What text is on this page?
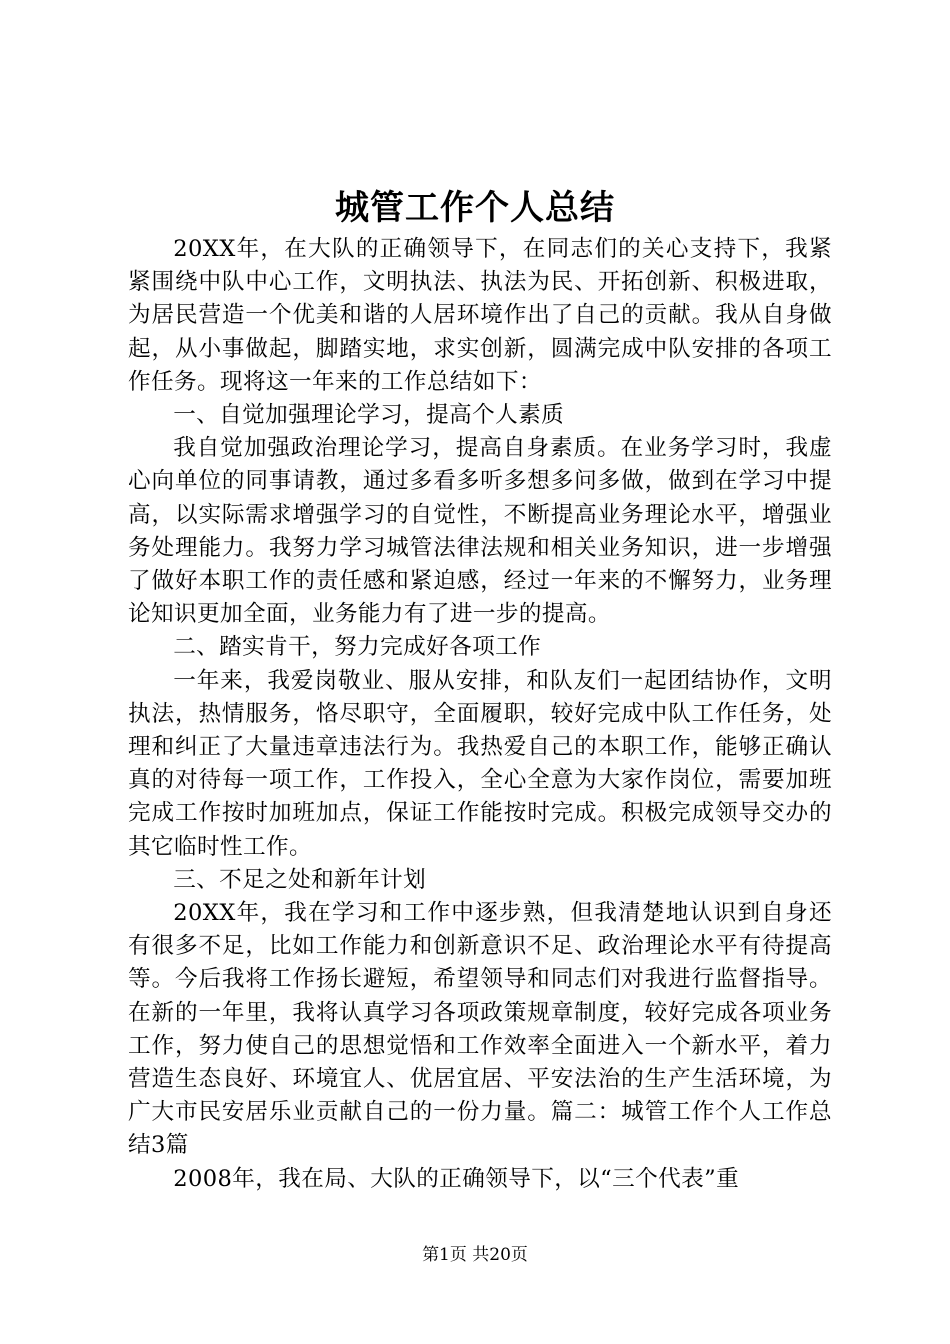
城管工作个人总结

20XX年，在大队的正确领导下，在同志们的关心支持下，我紧紧围绕中队中心工作，文明执法、执法为民、开拓创新、积极进取，为居民营造一个优美和谐的人居环境作出了自己的贡献。我从自身做起，从小事做起，脚踏实地，求实创新，圆满完成中队安排的各项工作任务。现将这一年来的工作总结如下：

一、自觉加强理论学习，提高个人素质

我自觉加强政治理论学习，提高自身素质。在业务学习时，我虚心向单位的同事请教，通过多看多听多想多问多做，做到在学习中提高，以实际需求增强学习的自觉性，不断提高业务理论水平，增强业务处理能力。我努力学习城管法律法规和相关业务知识，进一步增强了做好本职工作的责任感和紧迫感，经过一年来的不懈努力，业务理论知识更加全面，业务能力有了进一步的提高。

二、踏实肯干，努力完成好各项工作

一年来，我爱岗敬业、服从安排，和队友们一起团结协作，文明执法，热情服务，恪尽职守，全面履职，较好完成中队工作任务，处理和纠正了大量违章违法行为。我热爱自己的本职工作，能够正确认真的对待每一项工作，工作投入，全心全意为大家作岗位，需要加班完成工作按时加班加点，保证工作能按时完成。积极完成领导交办的其它临时性工作。

三、不足之处和新年计划

20XX年，我在学习和工作中逐步熟，但我清楚地认识到自身还有很多不足，比如工作能力和创新意识不足、政治理论水平有待提高等。今后我将工作扬长避短，希望领导和同志们对我进行监督指导。在新的一年里，我将认真学习各项政策规章制度，较好完成各项业务工作，努力使自己的思想觉悟和工作效率全面进入一个新水平，着力营造生态良好、环境宜人、优居宜居、平安法治的生产生活环境，为广大市民安居乐业贡献自己的一份力量。篇二：城管工作个人工作总结3篇

2008年，我在局、大队的正确领导下，以“三个代表”重

第1页 共20页
